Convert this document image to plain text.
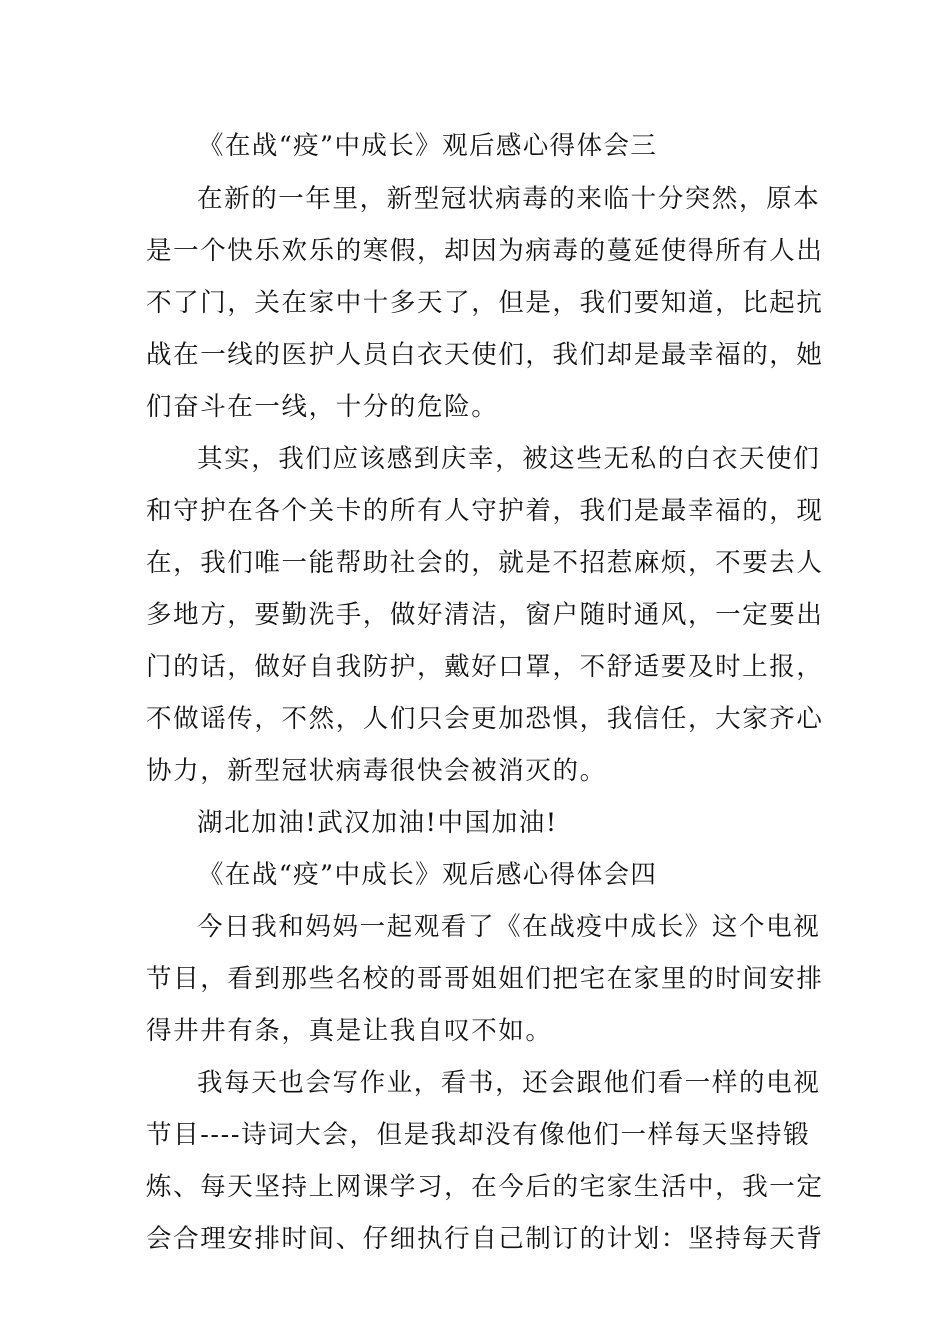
《在战“疫”中成长》观后感心得体会三
在新的一年里，新型冠状病毒的来临十分突然，原本
是一个快乐欢乐的寒假，却因为病毒的蔓延使得所有人出
不了门，关在家中十多天了，但是，我们要知道，比起抗
战在一线的医护人员白衣天使们，我们却是最幸福的，她
们奋斗在一线，十分的危险。
其实，我们应该感到庆幸，被这些无私的白衣天使们
和守护在各个关卡的所有人守护着，我们是最幸福的，现
在，我们唯一能帮助社会的，就是不招惹麻烦，不要去人
多地方，要勤洗手，做好清洁，窗户随时通风，一定要出
门的话，做好自我防护，戴好口罩，不舒适要及时上报，
不做谣传，不然，人们只会更加恐惧，我信任，大家齐心
协力，新型冠状病毒很快会被消灭的。
湖北加油!武汉加油!中国加油!
《在战“疫”中成长》观后感心得体会四
今日我和妈妈一起观看了《在战疫中成长》这个电视
节目，看到那些名校的哥哥姐姐们把宅在家里的时间安排
得井井有条，真是让我自叹不如。
我每天也会写作业，看书，还会跟他们看一样的电视
节目----诗词大会，但是我却没有像他们一样每天坚持锻
炼、每天坚持上网课学习，在今后的宅家生活中，我一定
会合理安排时间、仔细执行自己制订的计划：坚持每天背
